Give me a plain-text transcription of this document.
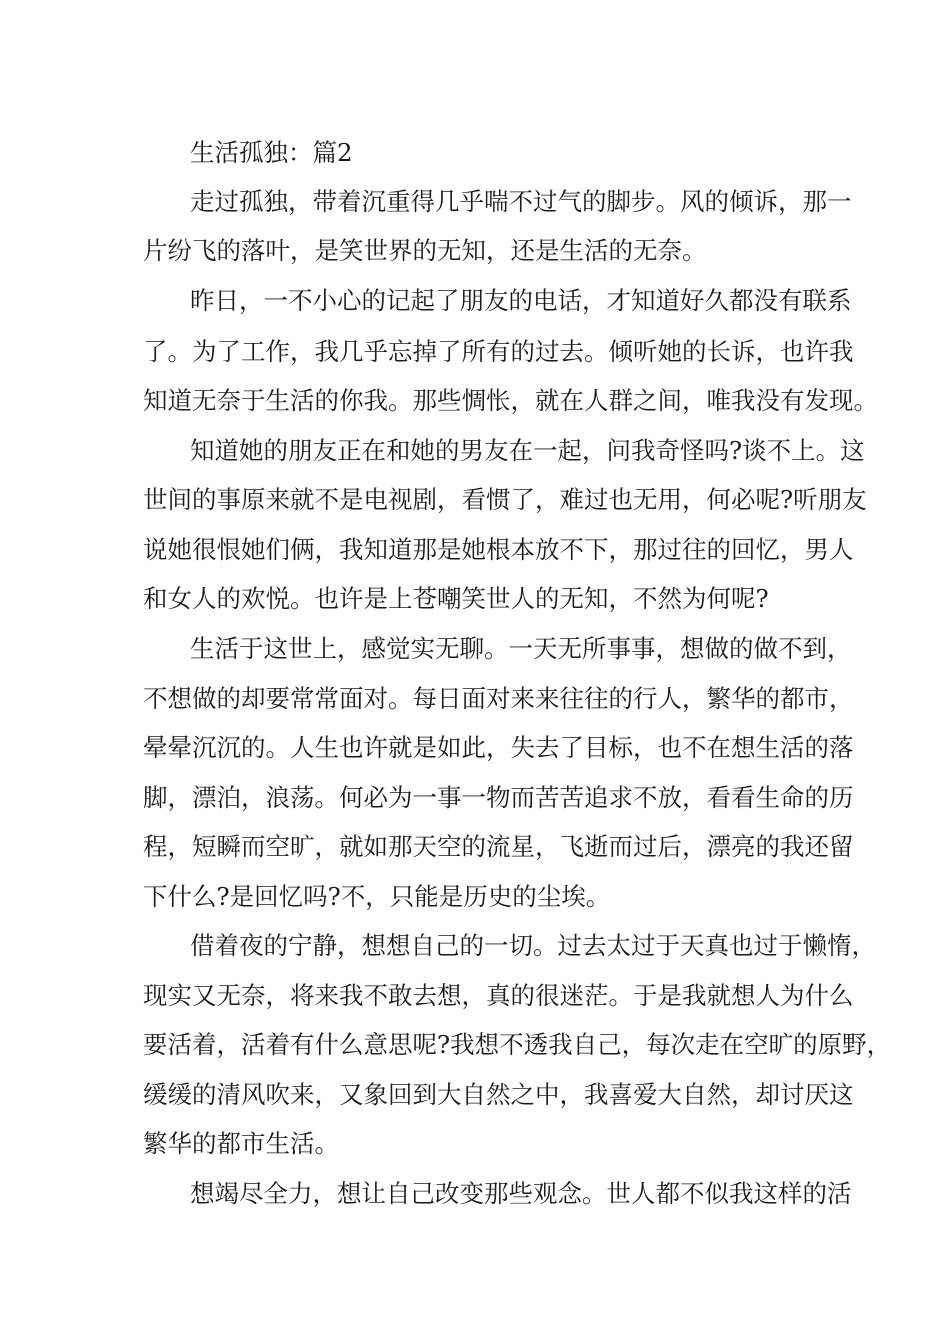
生活孤独：篇2
走过孤独，带着沉重得几乎喘不过气的脚步。风的倾诉，那一
片纷飞的落叶，是笑世界的无知，还是生活的无奈。
昨日，一不小心的记起了朋友的电话，才知道好久都没有联系
了。为了工作，我几乎忘掉了所有的过去。倾听她的长诉，也许我
知道无奈于生活的你我。那些惆怅，就在人群之间，唯我没有发现。
知道她的朋友正在和她的男友在一起，问我奇怪吗?谈不上。这
世间的事原来就不是电视剧，看惯了，难过也无用，何必呢?听朋友
说她很恨她们俩，我知道那是她根本放不下，那过往的回忆，男人
和女人的欢悦。也许是上苍嘲笑世人的无知，不然为何呢?
生活于这世上，感觉实无聊。一天无所事事，想做的做不到，
不想做的却要常常面对。每日面对来来往往的行人，繁华的都市，
晕晕沉沉的。人生也许就是如此，失去了目标，也不在想生活的落
脚，漂泊，浪荡。何必为一事一物而苦苦追求不放，看看生命的历
程，短瞬而空旷，就如那天空的流星，飞逝而过后，漂亮的我还留
下什么?是回忆吗?不，只能是历史的尘埃。
借着夜的宁静，想想自己的一切。过去太过于天真也过于懒惰，
现实又无奈，将来我不敢去想，真的很迷茫。于是我就想人为什么
要活着，活着有什么意思呢?我想不透我自己，每次走在空旷的原野，
缓缓的清风吹来，又象回到大自然之中，我喜爱大自然，却讨厌这
繁华的都市生活。
想竭尽全力，想让自己改变那些观念。世人都不似我这样的活
